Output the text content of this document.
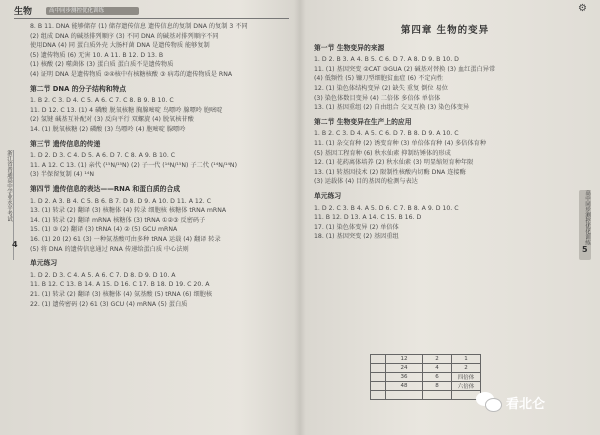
⚙
生物	高中同步测控优化训练
8. B 11. DNA 能够储存 (1) 储存遗传信息 遗传信息的复制 DNA 的复制 3 不同
(2) 组成 DNA 的碱基排列顺序 (3) 不同 DNA 的碱基对排列顺序不同
使用DNA (4) 同 蛋白质外壳 大肠杆菌 DNA 是遗传物质 能够复制
(5) 遗传物质 (6) 无害 10. A 11. B 12. D 13. B
(1) 核酸 (2) 噬菌体 (3) 蛋白质 蛋白质不是遗传物质
(4) 证明 DNA 是遗传物质 ②④核中有核糖核酸 ③ 病毒的遗传物质是 RNA
第二节 DNA 的分子结构和特点
1. B 2. C 3. D 4. C 5. A 6. C 7. C 8. B 9. B 10. C
11. D 12. C 13. (1) 4 磷酸 脱氧核糖 胸腺嘧啶 鸟嘌呤 腺嘌呤 胞嘧啶
(2) 氢键 碱基互补配对 (3) 反向平行 双螺旋 (4) 脱氧核苷酸
14. (1) 脱氧核糖 (2) 磷酸 (3) 鸟嘌呤 (4) 胞嘧啶 腺嘌呤
第三节 遗传信息的传递
1. D 2. D 3. C 4. D 5. A 6. D 7. C 8. A 9. B 10. C
11. A 12. C 13. (1) 亲代 (¹⁵N/¹⁵N) (2) 子一代 (¹⁴N/¹⁵N) 子二代 (¹⁴N/¹⁴N)
(3) 半保留复制 (4) ¹⁴N
第四节 遗传信息的表达——RNA 和蛋白质的合成
1. D 2. A 3. B 4. C 5. B 6. B 7. D 8. D 9. A 10. D 11. A 12. C
13. (1) 转录 (2) 翻译 (3) 核糖体 (4) 转录 细胞核 核糖体 tRNA mRNA
14. (1) 转录 (2) 翻译 mRNA 核糖体 (3) tRNA ①②③ 反密码子
15. (1) ③ (2) 翻译 (3) tRNA (4) ② (5) GCU mRNA
16. (1) 20 (2) 61 (3) 一种氨基酸可由多种 tRNA 运载 (4) 翻译 转录
(5) 将 DNA 的遗传信息通过 RNA 传递给蛋白质 中心法则
单元练习
1. D 2. D 3. C 4. A 5. A 6. C 7. D 8. D 9. D 10. A
11. B 12. C 13. B 14. A 15. D 16. C 17. B 18. D 19. C 20. A
21. (1) 转录 (2) 翻译 (3) 核糖体 (4) 氨基酸 (5) tRNA (6) 细胞核
22. (1) 遗传密码 (2) 61 (3) GCU (4) mRNA (5) 蛋白质
浙江省普通高中学业水平考试
4
第四章 生物的变异
第一节 生物变异的来源
1. D 2. B 3. A 4. B 5. C 6. D 7. A 8. D 9. B 10. D
11. (1) 基因突变 ②CAT ③GUA (2) 碱基对替换 (3) 血红蛋白异常
(4) 低频性 (5) 镰刀型细胞贫血症 (6) 不定向性
12. (1) 染色体结构变异 (2) 缺失 重复 倒位 易位
(3) 染色体数目变异 (4) 二倍体 多倍体 单倍体
13. (1) 基因重组 (2) 自由组合 交叉互换 (3) 染色体变异
第二节 生物变异在生产上的应用
1. B 2. C 3. D 4. A 5. C 6. D 7. B 8. D 9. A 10. C
11. (1) 杂交育种 (2) 诱变育种 (3) 单倍体育种 (4) 多倍体育种
(5) 基因工程育种 (6) 秋水仙素 抑制纺锤体的形成
12. (1) 花药离体培养 (2) 秋水仙素 (3) 明显缩短育种年限
13. (1) 转基因技术 (2) 限制性核酸内切酶 DNA 连接酶
(3) 运载体 (4) 目的基因的检测与表达
单元练习
1. D 2. C 3. B 4. A 5. D 6. C 7. B 8. A 9. D 10. C
11. B 12. D 13. A 14. C 15. B 16. D
17. (1) 染色体变异 (2) 单倍体
18. (1) 基因突变 (2) 基因重组	高中同步测控优化训练
5
	12	2	1
	24	4	2
	36	6	四倍体
	48	8	六倍体

看北仑
